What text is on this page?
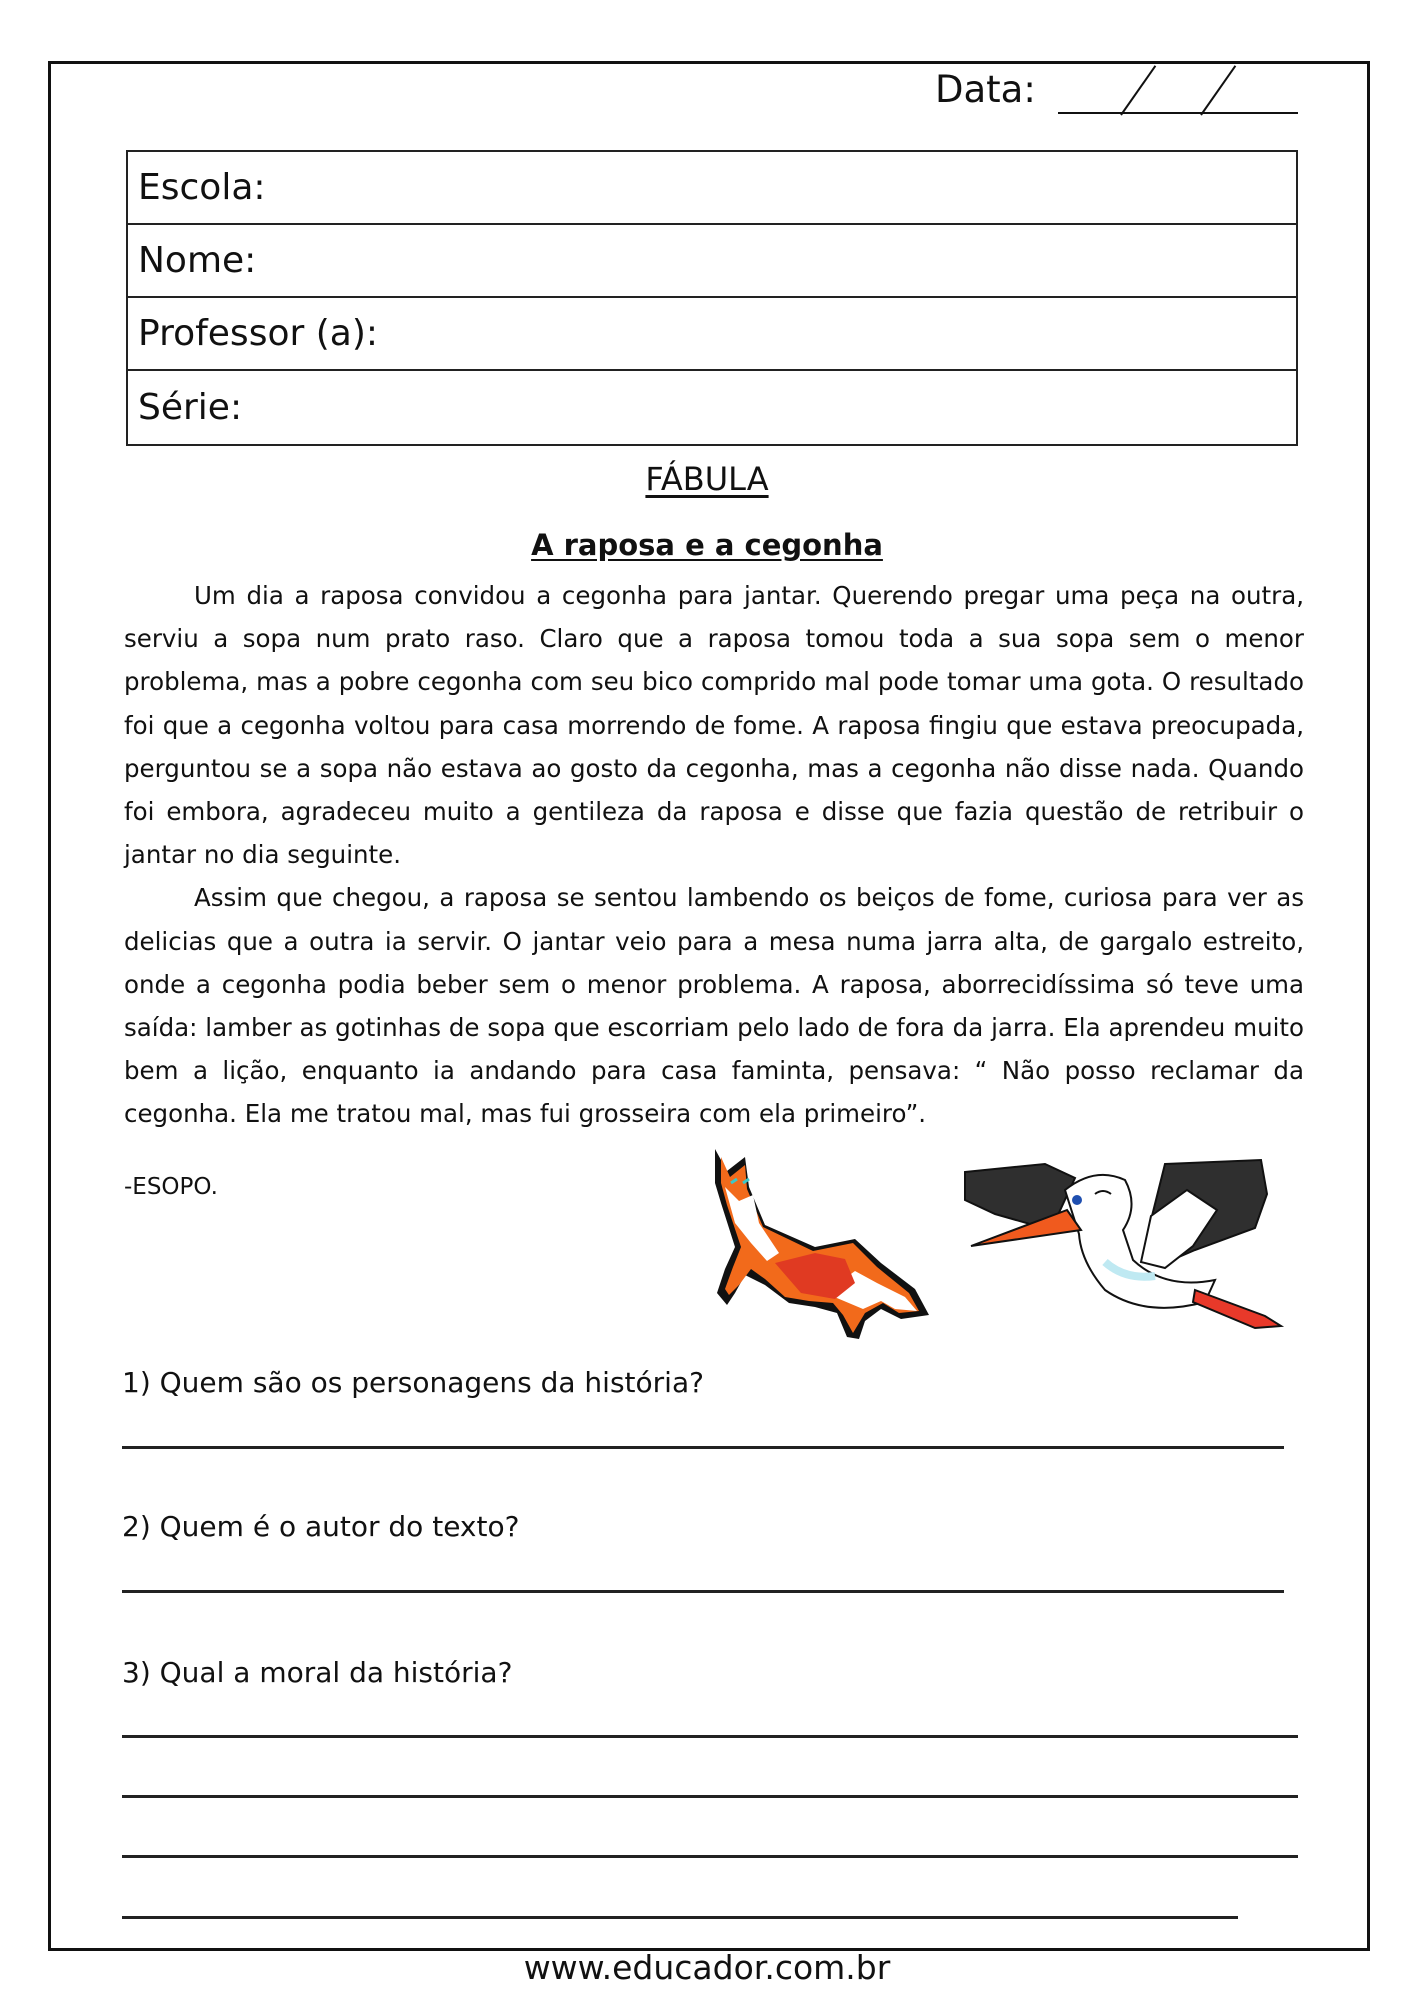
Data:
Escola:
Nome:
Professor (a):
Série:
FÁBULA
A raposa e a cegonha

Um dia a raposa convidou a cegonha para jantar. Querendo pregar uma peça na outra, serviu a sopa num prato raso. Claro que a raposa tomou toda a sua sopa sem o menor problema, mas a pobre cegonha com seu bico comprido mal pode tomar uma gota. O resultado foi que a cegonha voltou para casa morrendo de fome. A raposa fingiu que estava preocupada, perguntou se a sopa não estava ao gosto da cegonha, mas a cegonha não disse nada. Quando foi embora, agradeceu muito a gentileza da raposa e disse que fazia questão de retribuir o jantar no dia seguinte.

Assim que chegou, a raposa se sentou lambendo os beiços de fome, curiosa para ver as delicias que a outra ia servir. O jantar veio para a mesa numa jarra alta, de gargalo estreito, onde a cegonha podia beber sem o menor problema. A raposa, aborrecidíssima só teve uma saída: lamber as gotinhas de sopa que escorriam pelo lado de fora da jarra. Ela aprendeu muito bem a lição, enquanto ia andando para casa faminta, pensava: “ Não posso reclamar da cegonha. Ela me tratou mal, mas fui grosseira com ela primeiro”.

-ESOPO.
1) Quem são os personagens da história?
2) Quem é o autor do texto?
3) Qual a moral da história?
www.educador.com.br
